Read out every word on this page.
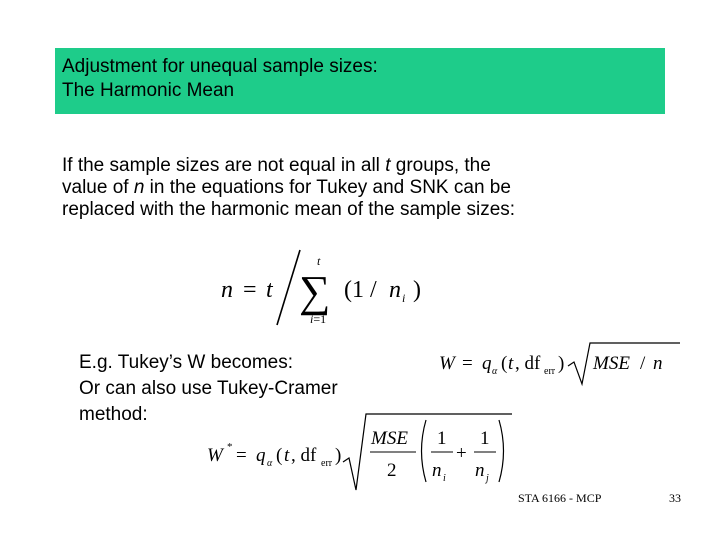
Adjustment for unequal sample sizes:
The Harmonic Mean
If the sample sizes are not equal in all t groups, the
value of n in the equations for Tukey and SNK can be
replaced with the harmonic mean of the sample sizes:
E.g. Tukey’s W becomes:
Or can also use Tukey-Cramer
method:
n = t
t
∑
i=1
(1 / n i )
W = q α ( t , df err ) MSE / n
W * = q α ( t , df err )
MSE
2
1
n i
+
1
n j
STA 6166 - MCP	33
